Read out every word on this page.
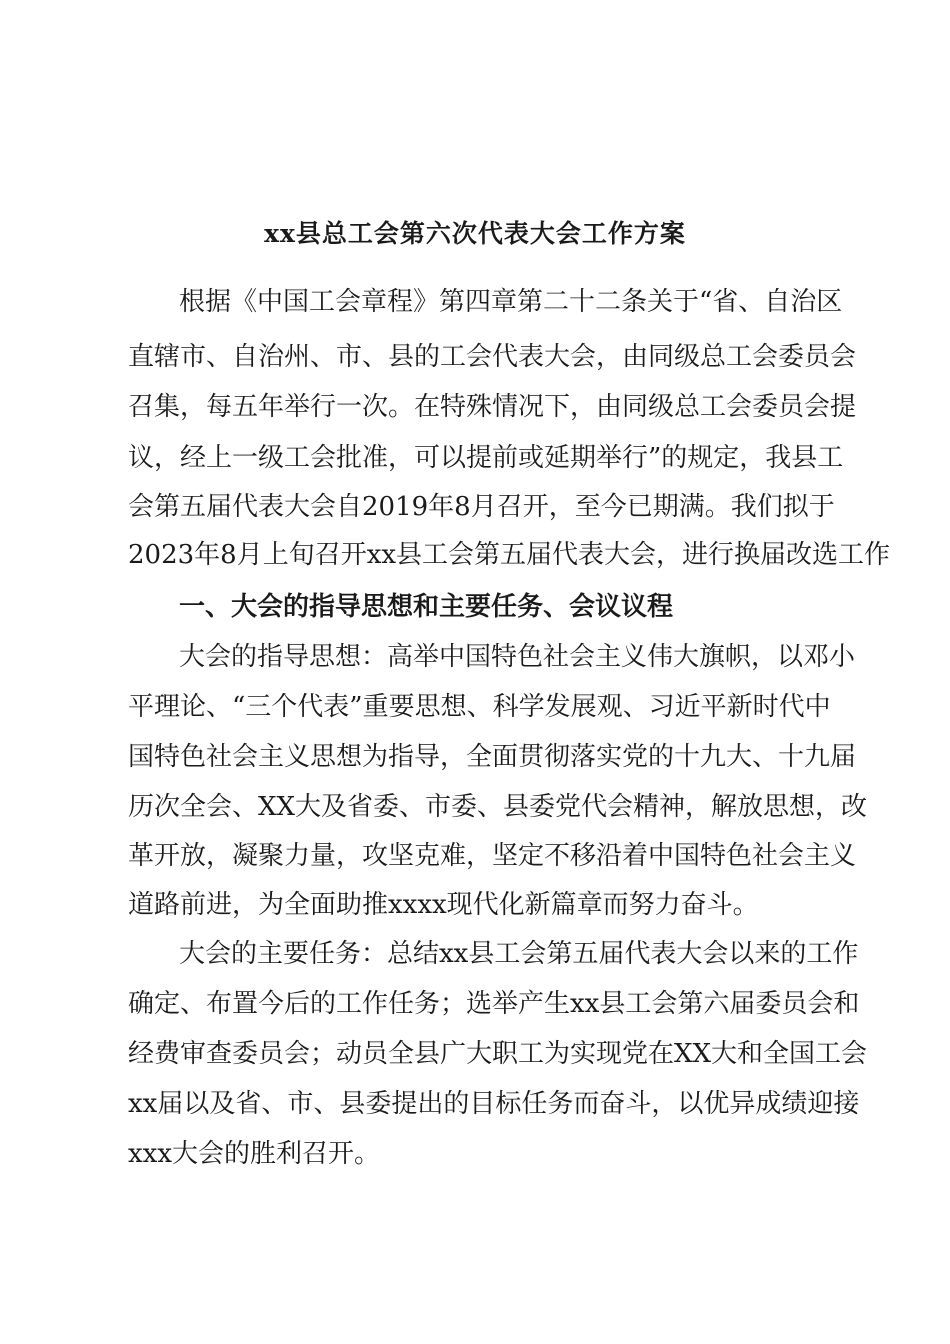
xx县总工会第六次代表大会工作方案
根据《中国工会章程》第四章第二十二条关于“省、自治区
直辖市、自治州、市、县的工会代表大会，由同级总工会委员会
召集，每五年举行一次。在特殊情况下，由同级总工会委员会提
议，经上一级工会批准，可以提前或延期举行”的规定，我县工
会第五届代表大会自2019年8月召开，至今已期满。我们拟于
2023年8月上旬召开xx县工会第五届代表大会，进行换届改选工作
一、大会的指导思想和主要任务、会议议程
大会的指导思想：高举中国特色社会主义伟大旗帜，以邓小
平理论、“三个代表”重要思想、科学发展观、习近平新时代中
国特色社会主义思想为指导，全面贯彻落实党的十九大、十九届
历次全会、XX大及省委、市委、县委党代会精神，解放思想，改
革开放，凝聚力量，攻坚克难，坚定不移沿着中国特色社会主义
道路前进，为全面助推xxxx现代化新篇章而努力奋斗。
大会的主要任务：总结xx县工会第五届代表大会以来的工作
确定、布置今后的工作任务；选举产生xx县工会第六届委员会和
经费审查委员会；动员全县广大职工为实现党在XX大和全国工会
xx届以及省、市、县委提出的目标任务而奋斗，以优异成绩迎接
xxx大会的胜利召开。
